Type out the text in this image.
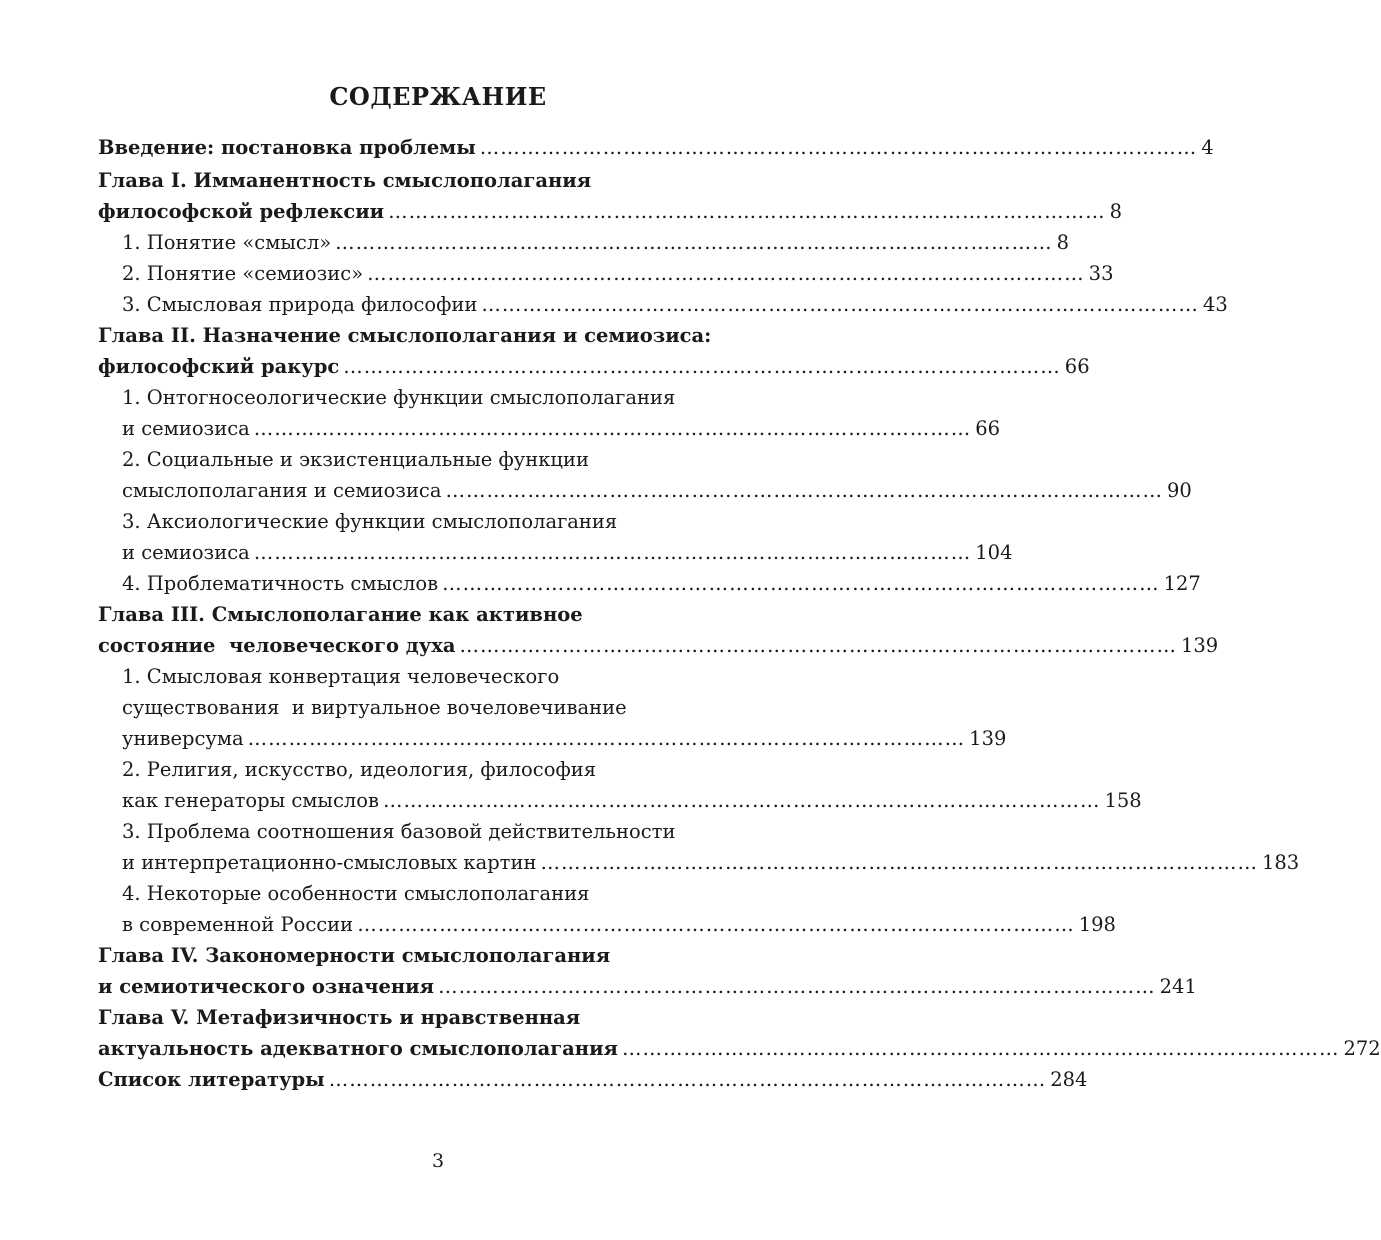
СОДЕРЖАНИЕ
Введение: постановка проблемы …………………………………………………………………………………………… 4
Глава I. Имманентность смыслополагания
философской рефлексии …………………………………………………………………………………………… 8
1. Понятие «смысл» …………………………………………………………………………………………… 8
2. Понятие «семиозис» …………………………………………………………………………………………… 33
3. Смысловая природа философии …………………………………………………………………………………………… 43
Глава II. Назначение смыслополагания и семиозиса:
философский ракурс …………………………………………………………………………………………… 66
1. Онтогносеологические функции смыслополагания
и семиозиса …………………………………………………………………………………………… 66
2. Социальные и экзистенциальные функции
смыслополагания и семиозиса …………………………………………………………………………………………… 90
3. Аксиологические функции смыслополагания
и семиозиса …………………………………………………………………………………………… 104
4. Проблематичность смыслов …………………………………………………………………………………………… 127
Глава III. Смыслополагание как активное
состояние  человеческого духа …………………………………………………………………………………………… 139
1. Смысловая конвертация человеческого
существования  и виртуальное вочеловечивание
универсума …………………………………………………………………………………………… 139
2. Религия, искусство, идеология, философия
как генераторы смыслов …………………………………………………………………………………………… 158
3. Проблема соотношения базовой действительности
и интерпретационно-смысловых картин …………………………………………………………………………………………… 183
4. Некоторые особенности смыслополагания
в современной России …………………………………………………………………………………………… 198
Глава IV. Закономерности смыслополагания
и семиотического означения …………………………………………………………………………………………… 241
Глава V. Метафизичность и нравственная
актуальность адекватного смыслополагания …………………………………………………………………………………………… 272
Список литературы …………………………………………………………………………………………… 284
3
